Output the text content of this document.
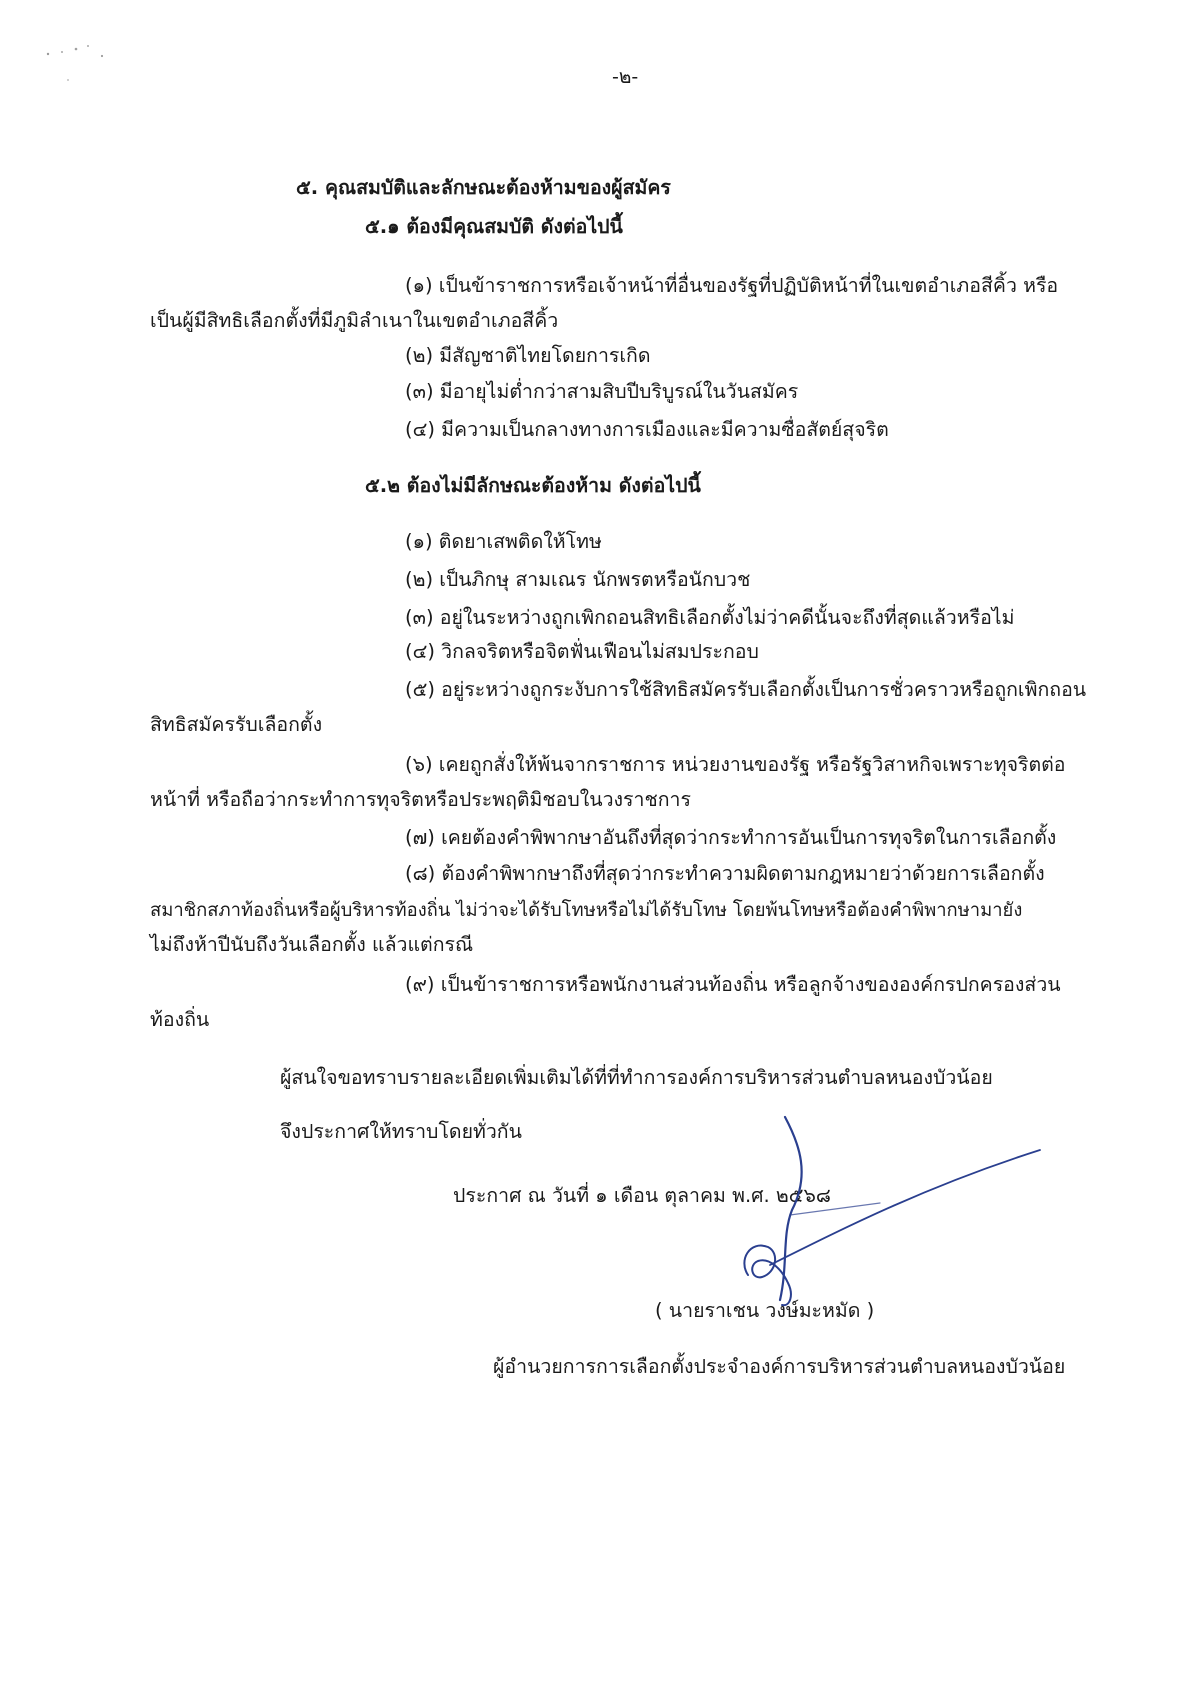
-๒-
๕. คุณสมบัติและลักษณะต้องห้ามของผู้สมัคร
๕.๑ ต้องมีคุณสมบัติ ดังต่อไปนี้
(๑) เป็นข้าราชการหรือเจ้าหน้าที่อื่นของรัฐที่ปฏิบัติหน้าที่ในเขตอำเภอสีคิ้ว หรือ
เป็นผู้มีสิทธิเลือกตั้งที่มีภูมิลำเนาในเขตอำเภอสีคิ้ว
(๒) มีสัญชาติไทยโดยการเกิด
(๓) มีอายุไม่ต่ำกว่าสามสิบปีบริบูรณ์ในวันสมัคร
(๔) มีความเป็นกลางทางการเมืองและมีความซื่อสัตย์สุจริต
๕.๒ ต้องไม่มีลักษณะต้องห้าม ดังต่อไปนี้
(๑) ติดยาเสพติดให้โทษ
(๒) เป็นภิกษุ สามเณร นักพรตหรือนักบวช
(๓) อยู่ในระหว่างถูกเพิกถอนสิทธิเลือกตั้งไม่ว่าคดีนั้นจะถึงที่สุดแล้วหรือไม่
(๔) วิกลจริตหรือจิตฟั่นเฟือนไม่สมประกอบ
(๕) อยู่ระหว่างถูกระงับการใช้สิทธิสมัครรับเลือกตั้งเป็นการชั่วคราวหรือถูกเพิกถอน
สิทธิสมัครรับเลือกตั้ง
(๖) เคยถูกสั่งให้พ้นจากราชการ หน่วยงานของรัฐ หรือรัฐวิสาหกิจเพราะทุจริตต่อ
หน้าที่ หรือถือว่ากระทำการทุจริตหรือประพฤติมิชอบในวงราชการ
(๗) เคยต้องคำพิพากษาอันถึงที่สุดว่ากระทำการอันเป็นการทุจริตในการเลือกตั้ง
(๘) ต้องคำพิพากษาถึงที่สุดว่ากระทำความผิดตามกฎหมายว่าด้วยการเลือกตั้ง
สมาชิกสภาท้องถิ่นหรือผู้บริหารท้องถิ่น ไม่ว่าจะได้รับโทษหรือไม่ได้รับโทษ โดยพ้นโทษหรือต้องคำพิพากษามายัง
ไม่ถึงห้าปีนับถึงวันเลือกตั้ง แล้วแต่กรณี
(๙) เป็นข้าราชการหรือพนักงานส่วนท้องถิ่น หรือลูกจ้างขององค์กรปกครองส่วน
ท้องถิ่น
ผู้สนใจขอทราบรายละเอียดเพิ่มเติมได้ที่ที่ทำการองค์การบริหารส่วนตำบลหนองบัวน้อย
จึงประกาศให้ทราบโดยทั่วกัน
ประกาศ ณ วันที่ ๑ เดือน ตุลาคม พ.ศ. ๒๕๖๘
( นายราเชน วงษ์มะหมัด )
ผู้อำนวยการการเลือกตั้งประจำองค์การบริหารส่วนตำบลหนองบัวน้อย
